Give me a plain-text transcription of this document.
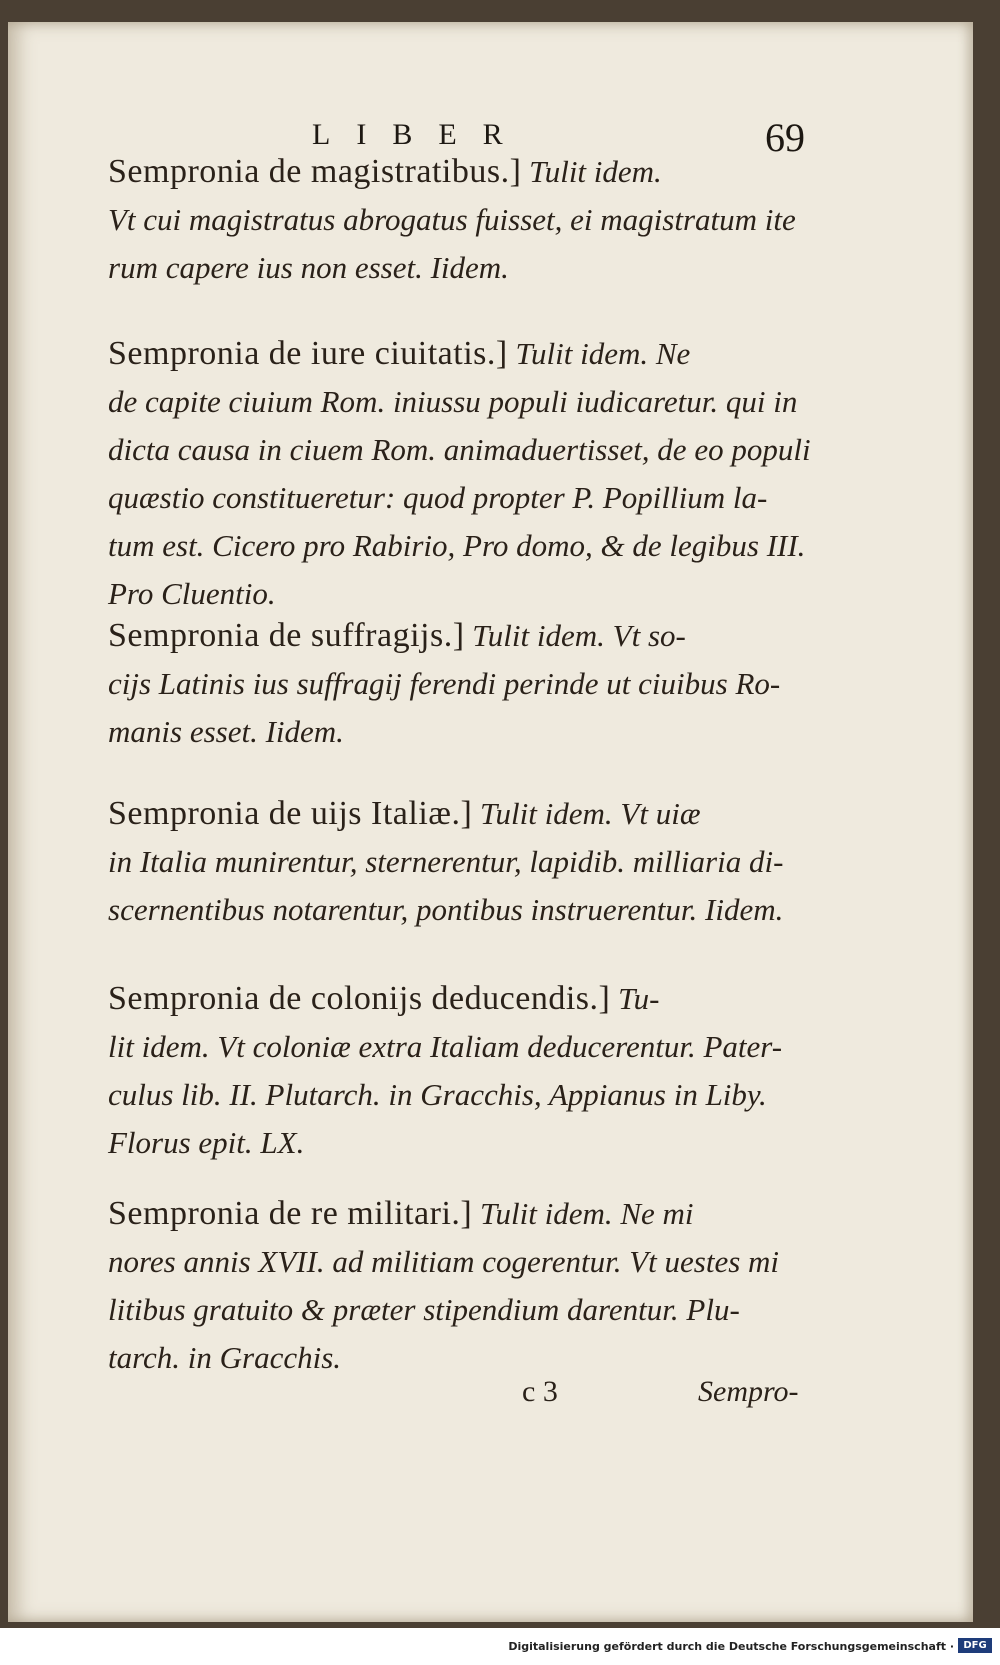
LIBER	69
Sempronia de magistratibus.] Tulit idem.
Vt cui magistratus abrogatus fuisset, ei magistratum ite
rum capere ius non esset. Iidem.
Sempronia de iure ciuitatis.] Tulit idem. Ne
de capite ciuium Rom. iniussu populi iudicaretur. qui in
dicta causa in ciuem Rom. animaduertisset, de eo populi
quæstio constitueretur: quod propter P. Popillium la-
tum est. Cicero pro Rabirio, Pro domo, & de legibus III.
Pro Cluentio.
Sempronia de suffragijs.] Tulit idem. Vt so-
cijs Latinis ius suffragij ferendi perinde ut ciuibus Ro-
manis esset. Iidem.
Sempronia de uijs Italiæ.] Tulit idem. Vt uiæ
in Italia munirentur, sternerentur, lapidib. milliaria di-
scernentibus notarentur, pontibus instruerentur. Iidem.
Sempronia de colonijs deducendis.] Tu-
lit idem. Vt coloniæ extra Italiam deducerentur. Pater-
culus lib. II. Plutarch. in Gracchis, Appianus in Liby.
Florus epit. LX.
Sempronia de re militari.] Tulit idem. Ne mi
nores annis XVII. ad militiam cogerentur. Vt uestes mi
litibus gratuito & præter stipendium darentur. Plu-
tarch. in Gracchis.
c 3	Sempro-
Digitalisierung gefördert durch die Deutsche Forschungsgemeinschaft · DFG
